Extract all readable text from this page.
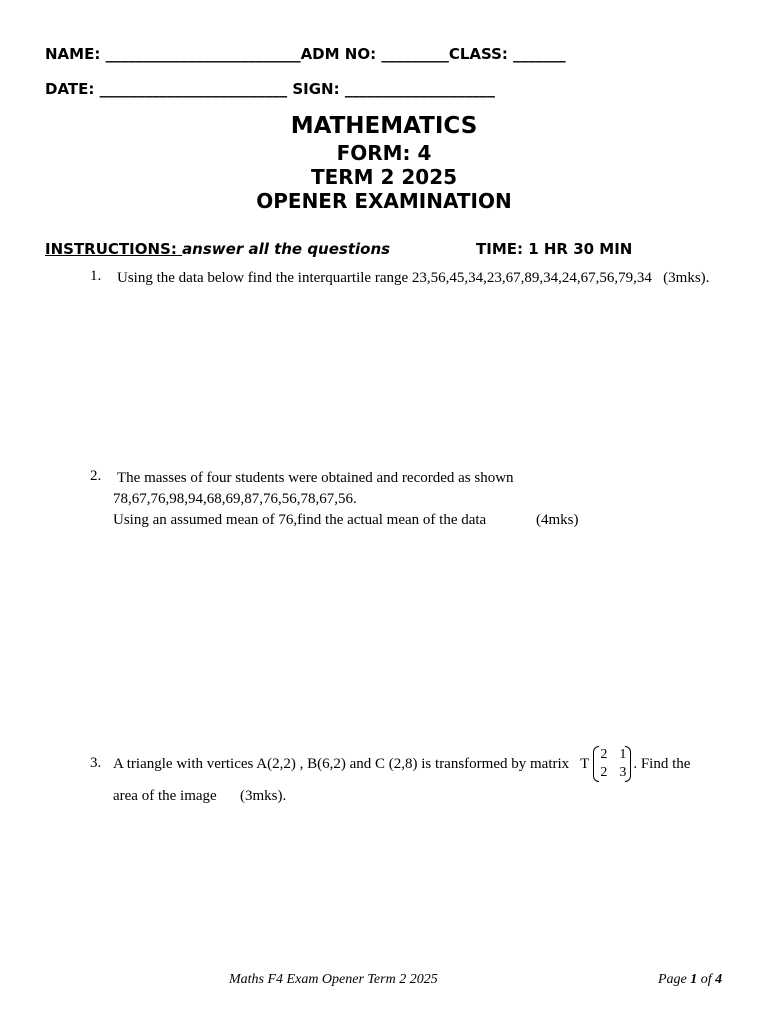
NAME: __________________________ADM NO: _________CLASS: _______
DATE: _________________________ SIGN: ____________________
MATHEMATICS
FORM: 4
TERM 2 2025
OPENER EXAMINATION
INSTRUCTIONS: answer all the questions	TIME: 1 HR 30 MIN
1. Using the data below find the interquartile range 23,56,45,34,23,67,89,34,24,67,56,79,34 (3mks).
2. The masses of four students were obtained and recorded as shown
78,67,76,98,94,68,69,87,76,56,78,67,56.
Using an assumed mean of 76,find the actual mean of the data	(4mks)
3. A triangle with vertices A(2,2) , B(6,2) and C (2,8) is transformed by matrix T
2 1
2 3
. Find the
area of the image (3mks).
Maths F4 Exam Opener Term 2 2025	Page 1 of 4
